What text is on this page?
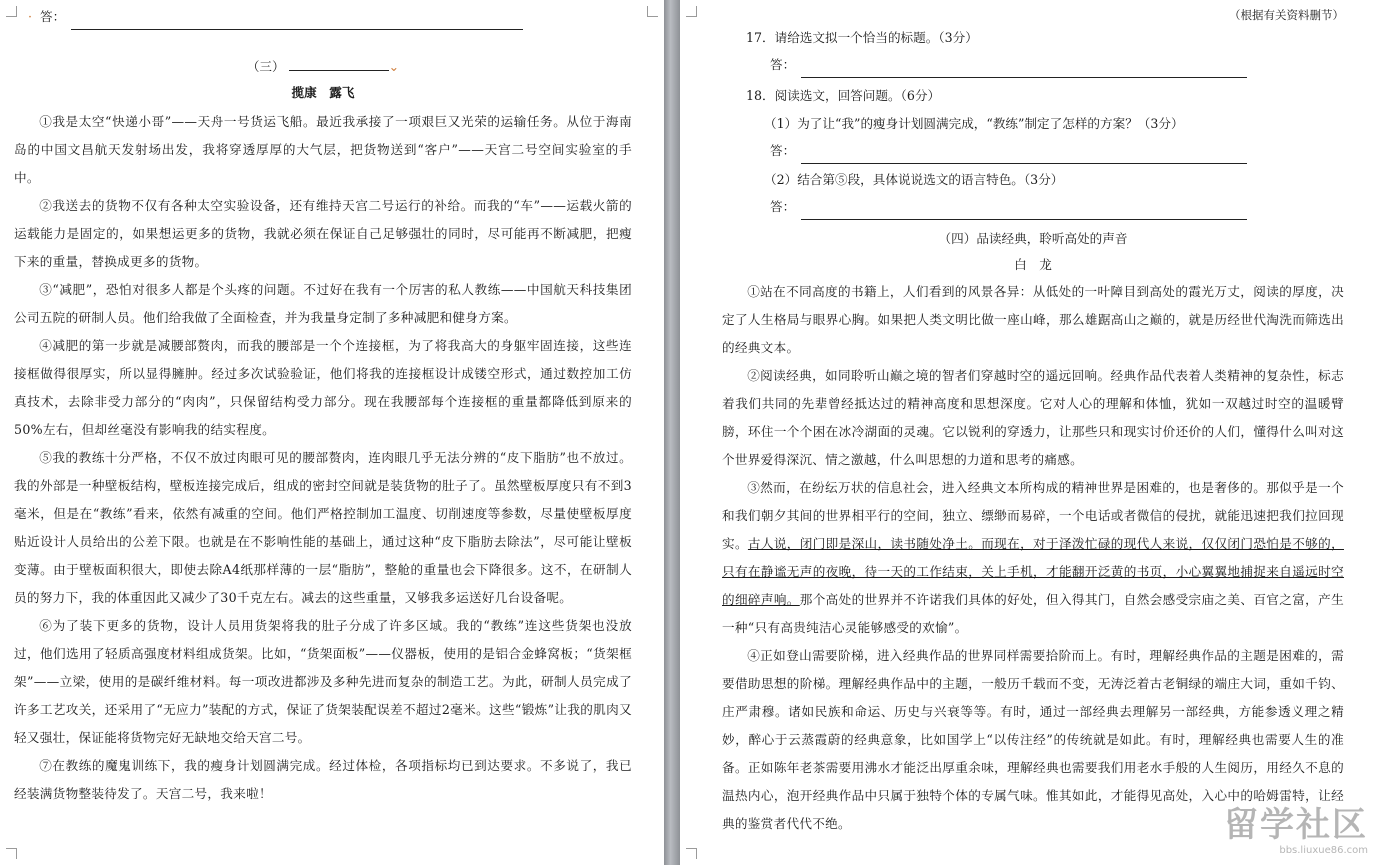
· 答：
（三）	⌄
揽康　露飞

①我是太空“快递小哥”——天舟一号货运飞船。最近我承接了一项艰巨又光荣的运输任务。从位于海南岛的中国文昌航天发射场出发，我将穿透厚厚的大气层，把货物送到“客户”——天宫二号空间实验室的手中。

②我送去的货物不仅有各种太空实验设备，还有维持天宫二号运行的补给。而我的“车”——运载火箭的运载能力是固定的，如果想运更多的货物，我就必须在保证自己足够强壮的同时，尽可能再不断减肥，把瘦下来的重量，替换成更多的货物。

③“减肥”，恐怕对很多人都是个头疼的问题。不过好在我有一个厉害的私人教练——中国航天科技集团公司五院的研制人员。他们给我做了全面检查，并为我量身定制了多种减肥和健身方案。

④减肥的第一步就是减腰部赘肉，而我的腰部是一个个连接框，为了将我高大的身躯牢固连接，这些连接框做得很厚实，所以显得臃肿。经过多次试验验证，他们将我的连接框设计成镂空形式，通过数控加工仿真技术，去除非受力部分的“肉肉”，只保留结构受力部分。现在我腰部每个连接框的重量都降低到原来的50%左右，但却丝毫没有影响我的结实程度。

⑤我的教练十分严格，不仅不放过肉眼可见的腰部赘肉，连肉眼几乎无法分辨的“皮下脂肪”也不放过。我的外部是一种壁板结构，壁板连接完成后，组成的密封空间就是装货物的肚子了。虽然壁板厚度只有不到3毫米，但是在“教练”看来，依然有减重的空间。他们严格控制加工温度、切削速度等参数，尽量使壁板厚度贴近设计人员给出的公差下限。也就是在不影响性能的基础上，通过这种“皮下脂肪去除法”，尽可能让壁板变薄。由于壁板面积很大，即使去除A4纸那样薄的一层“脂肪”，整舱的重量也会下降很多。这不，在研制人员的努力下，我的体重因此又减少了30千克左右。减去的这些重量，又够我多运送好几台设备呢。

⑥为了装下更多的货物，设计人员用货架将我的肚子分成了许多区域。我的“教练”连这些货架也没放过，他们选用了轻质高强度材料组成货架。比如，“货架面板”——仪器板，使用的是铝合金蜂窝板；“货架框架”——立梁，使用的是碳纤维材料。每一项改进都涉及多种先进而复杂的制造工艺。为此，研制人员完成了许多工艺攻关，还采用了“无应力”装配的方式，保证了货架装配误差不超过2毫米。这些“锻炼”让我的肌肉又轻又强壮，保证能将货物完好无缺地交给天宫二号。

⑦在教练的魔鬼训练下，我的瘦身计划圆满完成。经过体检，各项指标均已到达要求。不多说了，我已经装满货物整装待发了。天宫二号，我来啦！

（根据有关资料删节）

17．请给选文拟一个恰当的标题。（3分）

答：

18．阅读选文，回答问题。（6分）

（1）为了让“我”的瘦身计划圆满完成，“教练”制定了怎样的方案？（3分）

答：

（2）结合第⑤段，具体说说选文的语言特色。（3分）

答：
（四）品读经典，聆听高处的声音
白　龙

①站在不同高度的书籍上，人们看到的风景各异：从低处的一叶障目到高处的霞光万丈，阅读的厚度，决定了人生格局与眼界心胸。如果把人类文明比做一座山峰，那么雄踞高山之巅的，就是历经世代淘洗而筛选出的经典文本。

②阅读经典，如同聆听山巅之境的智者们穿越时空的遥远回响。经典作品代表着人类精神的复杂性，标志着我们共同的先辈曾经抵达过的精神高度和思想深度。它对人心的理解和体恤，犹如一双越过时空的温暖臂膀，环住一个个困在冰冷湖面的灵魂。它以锐利的穿透力，让那些只和现实讨价还价的人们，懂得什么叫对这个世界爱得深沉、情之激越，什么叫思想的力道和思考的痛感。

③然而，在纷纭万状的信息社会，进入经典文本所构成的精神世界是困难的，也是奢侈的。那似乎是一个和我们朝夕其间的世界相平行的空间，独立、缥缈而易碎，一个电话或者微信的侵扰，就能迅速把我们拉回现实。古人说，闭门即是深山，读书随处净土。而现在，对于泽泼忙碌的现代人来说，仅仅闭门恐怕是不够的，只有在静谧无声的夜晚，待一天的工作结束，关上手机，才能翻开泛黄的书页，小心翼翼地捕捉来自遥远时空的细碎声响。那个高处的世界并不许诺我们具体的好处，但入得其门，自然会感受宗庙之美、百官之富，产生一种“只有高贵纯洁心灵能够感受的欢愉”。

④正如登山需要阶梯，进入经典作品的世界同样需要拾阶而上。有时，理解经典作品的主题是困难的，需要借助思想的阶梯。理解经典作品中的主题，一般历千载而不变，无涛泛着古老铜绿的端庄大词，重如千钧、庄严肃穆。诸如民族和命运、历史与兴衰等等。有时，通过一部经典去理解另一部经典，方能参透义理之精妙，醉心于云蒸霞蔚的经典意象，比如国学上“以传注经”的传统就是如此。有时，理解经典也需要人生的准备。正如陈年老茶需要用沸水才能泛出厚重余味，理解经典也需要我们用老水手般的人生阅历，用经久不息的温热内心，泡开经典作品中只属于独特个体的专属气味。惟其如此，才能得见高处，入心中的哈姆雷特，让经典的鉴赏者代代不绝。	留学社区
bbs.liuxue86.com
